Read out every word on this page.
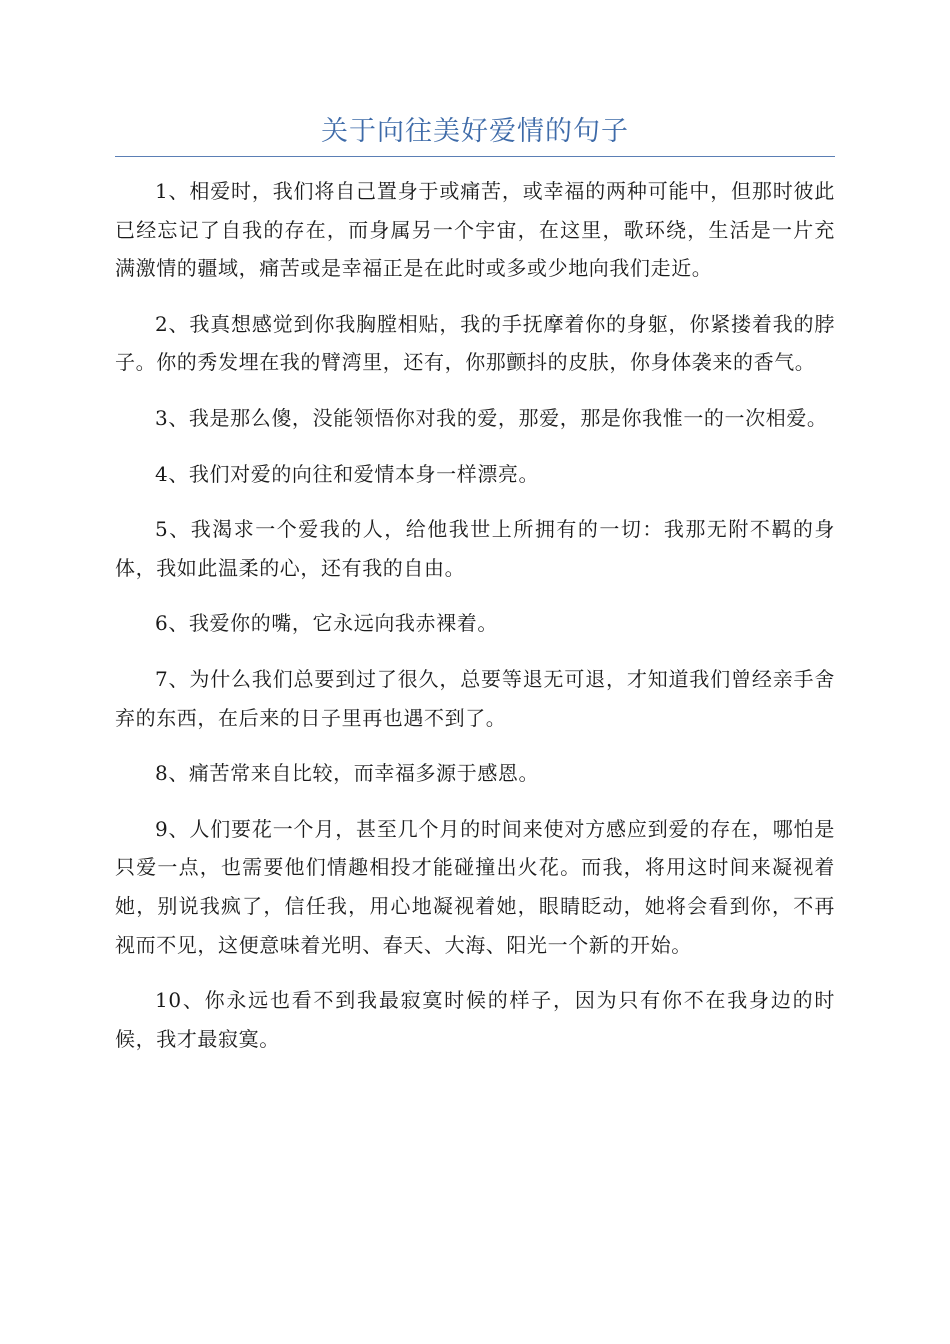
关于向往美好爱情的句子

1、相爱时，我们将自己置身于或痛苦，或幸福的两种可能中，但那时彼此已经忘记了自我的存在，而身属另一个宇宙，在这里，歌环绕，生活是一片充满激情的疆域，痛苦或是幸福正是在此时或多或少地向我们走近。

2、我真想感觉到你我胸膛相贴，我的手抚摩着你的身躯，你紧搂着我的脖子。你的秀发埋在我的臂湾里，还有，你那颤抖的皮肤，你身体袭来的香气。

3、我是那么傻，没能领悟你对我的爱，那爱，那是你我惟一的一次相爱。

4、我们对爱的向往和爱情本身一样漂亮。

5、我渴求一个爱我的人，给他我世上所拥有的一切：我那无附不羁的身体，我如此温柔的心，还有我的自由。

6、我爱你的嘴，它永远向我赤裸着。

7、为什么我们总要到过了很久，总要等退无可退，才知道我们曾经亲手舍弃的东西，在后来的日子里再也遇不到了。

8、痛苦常来自比较，而幸福多源于感恩。

9、人们要花一个月，甚至几个月的时间来使对方感应到爱的存在，哪怕是只爱一点，也需要他们情趣相投才能碰撞出火花。而我，将用这时间来凝视着她，别说我疯了，信任我，用心地凝视着她，眼睛眨动，她将会看到你，不再视而不见，这便意味着光明、春天、大海、阳光一个新的开始。

10、你永远也看不到我最寂寞时候的样子，因为只有你不在我身边的时候，我才最寂寞。
